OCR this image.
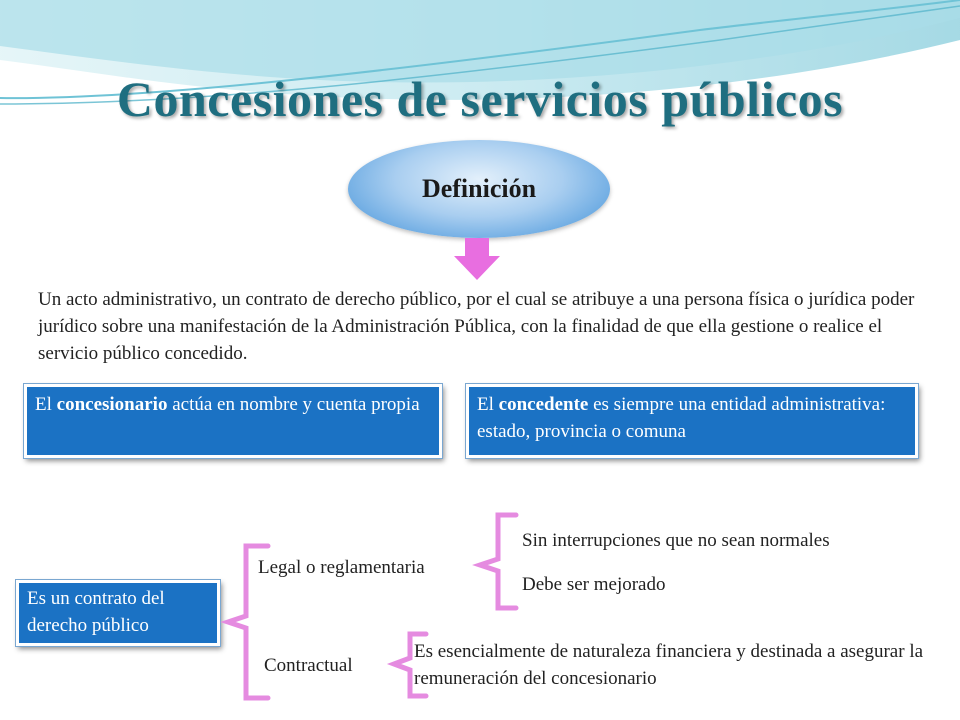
Concesiones de servicios públicos
Definición
Un acto administrativo, un contrato de derecho público, por el cual se atribuye a una persona física o jurídica poder jurídico sobre una manifestación de la Administración Pública, con la finalidad de que ella gestione o realice el servicio público concedido.
El concesionario actúa en nombre y cuenta propia	El concedente es siempre una entidad administrativa: estado, provincia o comuna
Es un contrato del derecho público
Legal o reglamentaria
Sin interrupciones que no sean normales
Debe ser mejorado
Contractual
Es esencialmente de naturaleza financiera y destinada a asegurar la remuneración del concesionario
